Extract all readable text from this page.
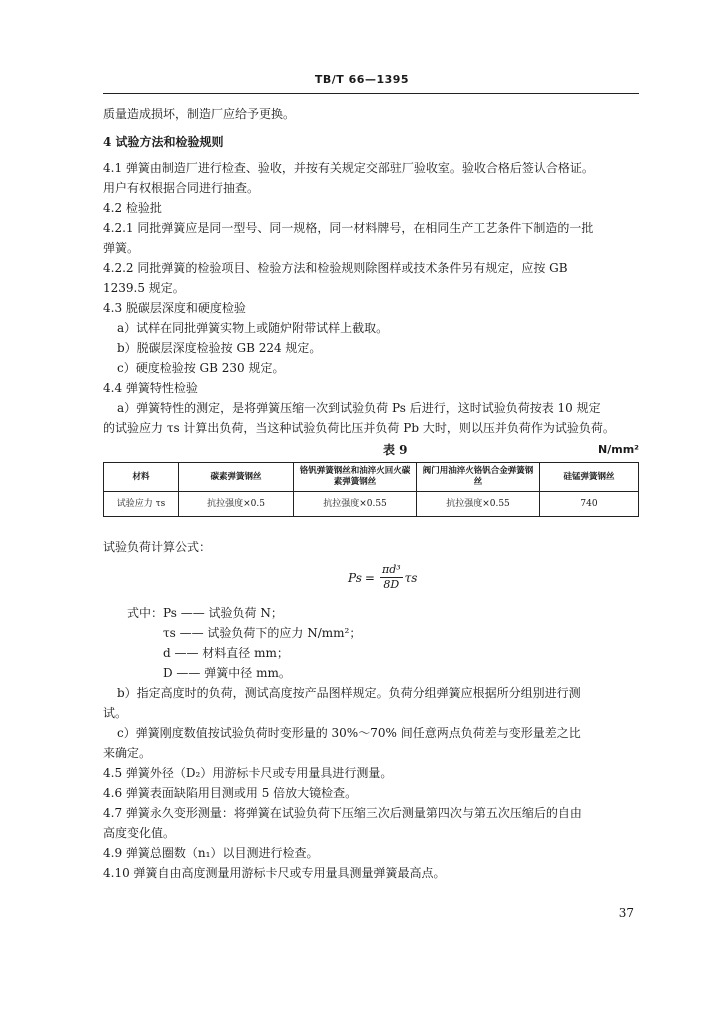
TB/T 66—1395

质量造成损坏，制造厂应给予更换。

4 试验方法和检验规则

4.1 弹簧由制造厂进行检查、验收，并按有关规定交部驻厂验收室。验收合格后签认合格证。

用户有权根据合同进行抽查。

4.2 检验批

4.2.1 同批弹簧应是同一型号、同一规格，同一材料牌号，在相同生产工艺条件下制造的一批

弹簧。

4.2.2 同批弹簧的检验项目、检验方法和检验规则除图样或技术条件另有规定，应按 GB

1239.5 规定。

4.3 脱碳层深度和硬度检验

a）试样在同批弹簧实物上或随炉附带试样上截取。

b）脱碳层深度检验按 GB 224 规定。

c）硬度检验按 GB 230 规定。

4.4 弹簧特性检验

a）弹簧特性的测定，是将弹簧压缩一次到试验负荷 Ps 后进行，这时试验负荷按表 10 规定

的试验应力 τs 计算出负荷，当这种试验负荷比压并负荷 Pb 大时，则以压并负荷作为试验负荷。

表 9	N/mm²
材料	碳素弹簧钢丝	铬钒弹簧钢丝和油淬火回火碳素弹簧钢丝	阀门用油淬火铬钒合金弹簧钢丝	硅锰弹簧钢丝
试验应力 τs	抗拉强度×0.5	抗拉强度×0.55	抗拉强度×0.55	740

试验负荷计算公式：

$Ps = \frac{\text{πd³}}{8D}$ τs

式中：Ps —— 试验负荷 N；

τs —— 试验负荷下的应力 N/mm²；

d —— 材料直径 mm；

D —— 弹簧中径 mm。

b）指定高度时的负荷，测试高度按产品图样规定。负荷分组弹簧应根据所分组别进行测

试。

c）弹簧刚度数值按试验负荷时变形量的 30%～70% 间任意两点负荷差与变形量差之比

来确定。

4.5 弹簧外径（D₂）用游标卡尺或专用量具进行测量。

4.6 弹簧表面缺陷用目测或用 5 倍放大镜检查。

4.7 弹簧永久变形测量：将弹簧在试验负荷下压缩三次后测量第四次与第五次压缩后的自由

高度变化值。

4.9 弹簧总圈数（n₁）以目测进行检查。

4.10 弹簧自由高度测量用游标卡尺或专用量具测量弹簧最高点。

37
